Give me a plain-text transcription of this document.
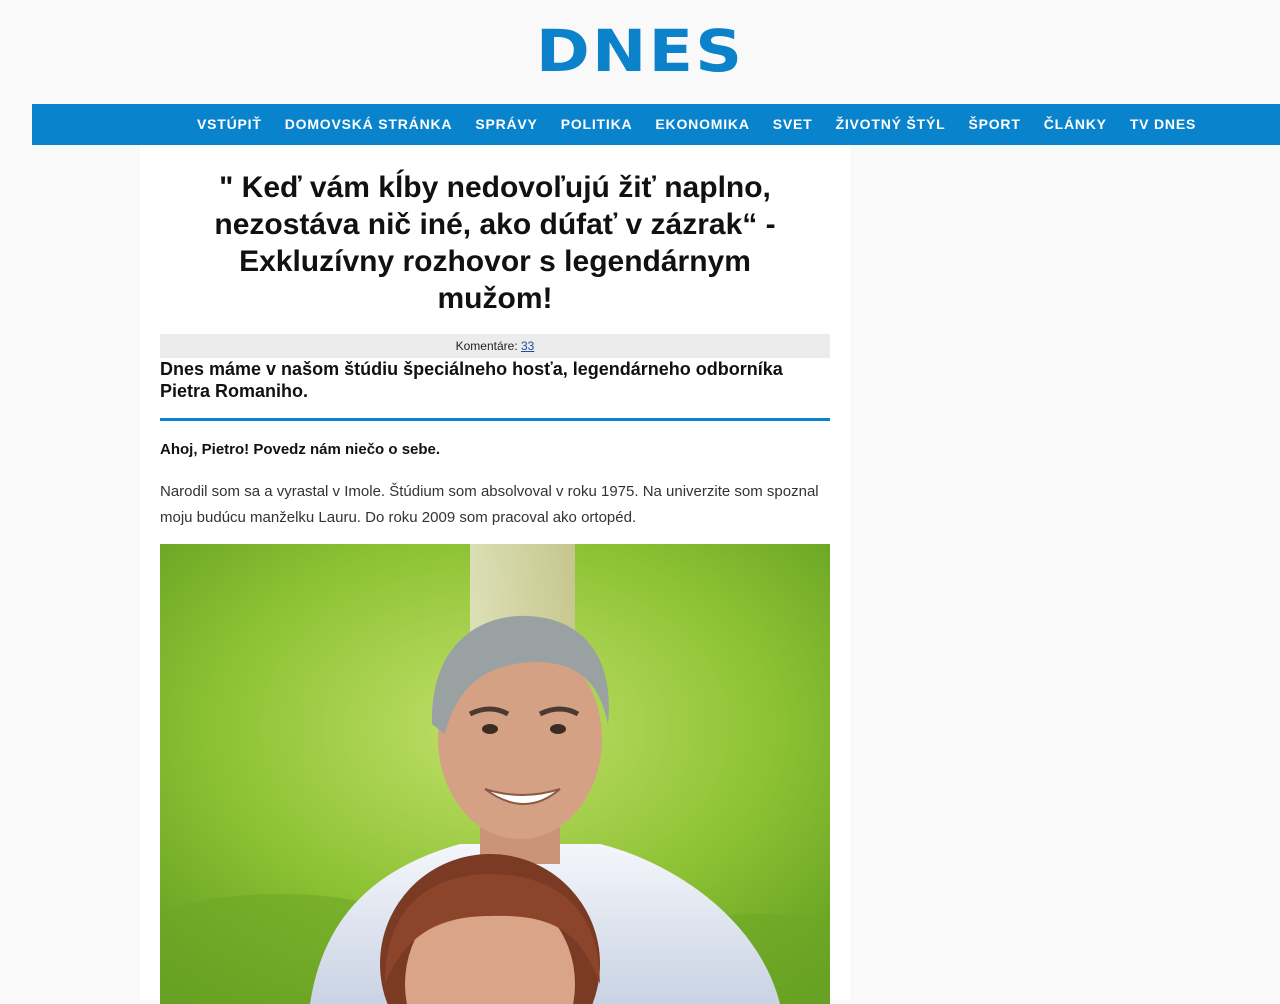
DNES
VSTÚPIŤ DOMOVSKÁ STRÁNKA SPRÁVY POLITIKA EKONOMIKA SVET ŽIVOTNÝ ŠTÝL ŠPORT ČLÁNKY TV DNES
" Keď vám kĺby nedovoľujú žiť naplno, nezostáva nič iné, ako dúfať v zázrak“ - Exkluzívny rozhovor s legendárnym mužom!
Komentáre: 33

Dnes máme v našom štúdiu špeciálneho hosťa, legendárneho odborníka Pietra Romaniho.

Ahoj, Pietro! Povedz nám niečo o sebe.

Narodil som sa a vyrastal v Imole. Štúdium som absolvoval v roku 1975. Na univerzite som spoznal moju budúcu manželku Lauru. Do roku 2009 som pracoval ako ortopéd.
